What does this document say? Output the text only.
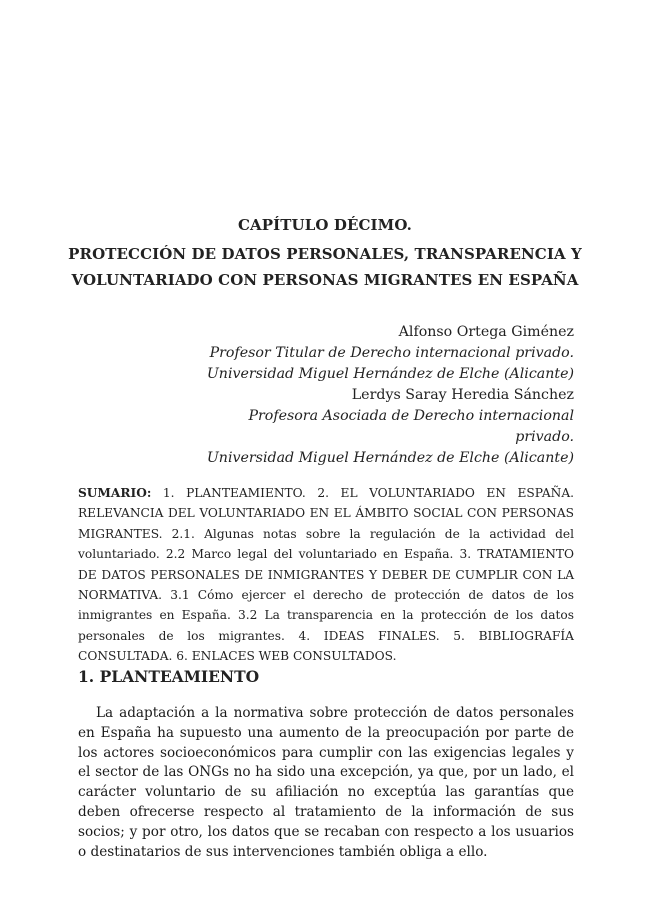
CAPÍTULO DÉCIMO.
PROTECCIÓN DE DATOS PERSONALES, TRANSPARENCIA Y VOLUNTARIADO CON PERSONAS MIGRANTES EN ESPAÑA
Alfonso Ortega Giménez
Profesor Titular de Derecho internacional privado.
Universidad Miguel Hernández de Elche (Alicante)
Lerdys Saray Heredia Sánchez
Profesora Asociada de Derecho internacional privado.
Universidad Miguel Hernández de Elche (Alicante)
SUMARIO: 1. PLANTEAMIENTO. 2. EL VOLUNTARIADO EN ESPAÑA. RELEVANCIA DEL VOLUNTARIADO EN EL ÁMBITO SOCIAL CON PERSONAS MIGRANTES. 2.1. Algunas notas sobre la regulación de la actividad del voluntariado. 2.2 Marco legal del voluntariado en España. 3. TRATAMIENTO DE DATOS PERSONALES DE INMIGRANTES Y DEBER DE CUMPLIR CON LA NORMATIVA. 3.1 Cómo ejercer el derecho de protección de datos de los inmigrantes en España. 3.2 La transparencia en la protección de los datos personales de los migrantes. 4. IDEAS FINALES. 5. BIBLIOGRAFÍA CONSULTADA. 6. ENLACES WEB CONSULTADOS.
1. PLANTEAMIENTO
La adaptación a la normativa sobre protección de datos personales en España ha supuesto una aumento de la preocupación por parte de los actores socioeconómicos para cumplir con las exigencias legales y el sector de las ONGs no ha sido una excepción, ya que, por un lado, el carácter voluntario de su afiliación no exceptúa las garantías que deben ofrecerse respecto al tratamiento de la información de sus socios; y por otro, los datos que se recaban con respecto a los usuarios o destinatarios de sus intervenciones también obliga a ello.
